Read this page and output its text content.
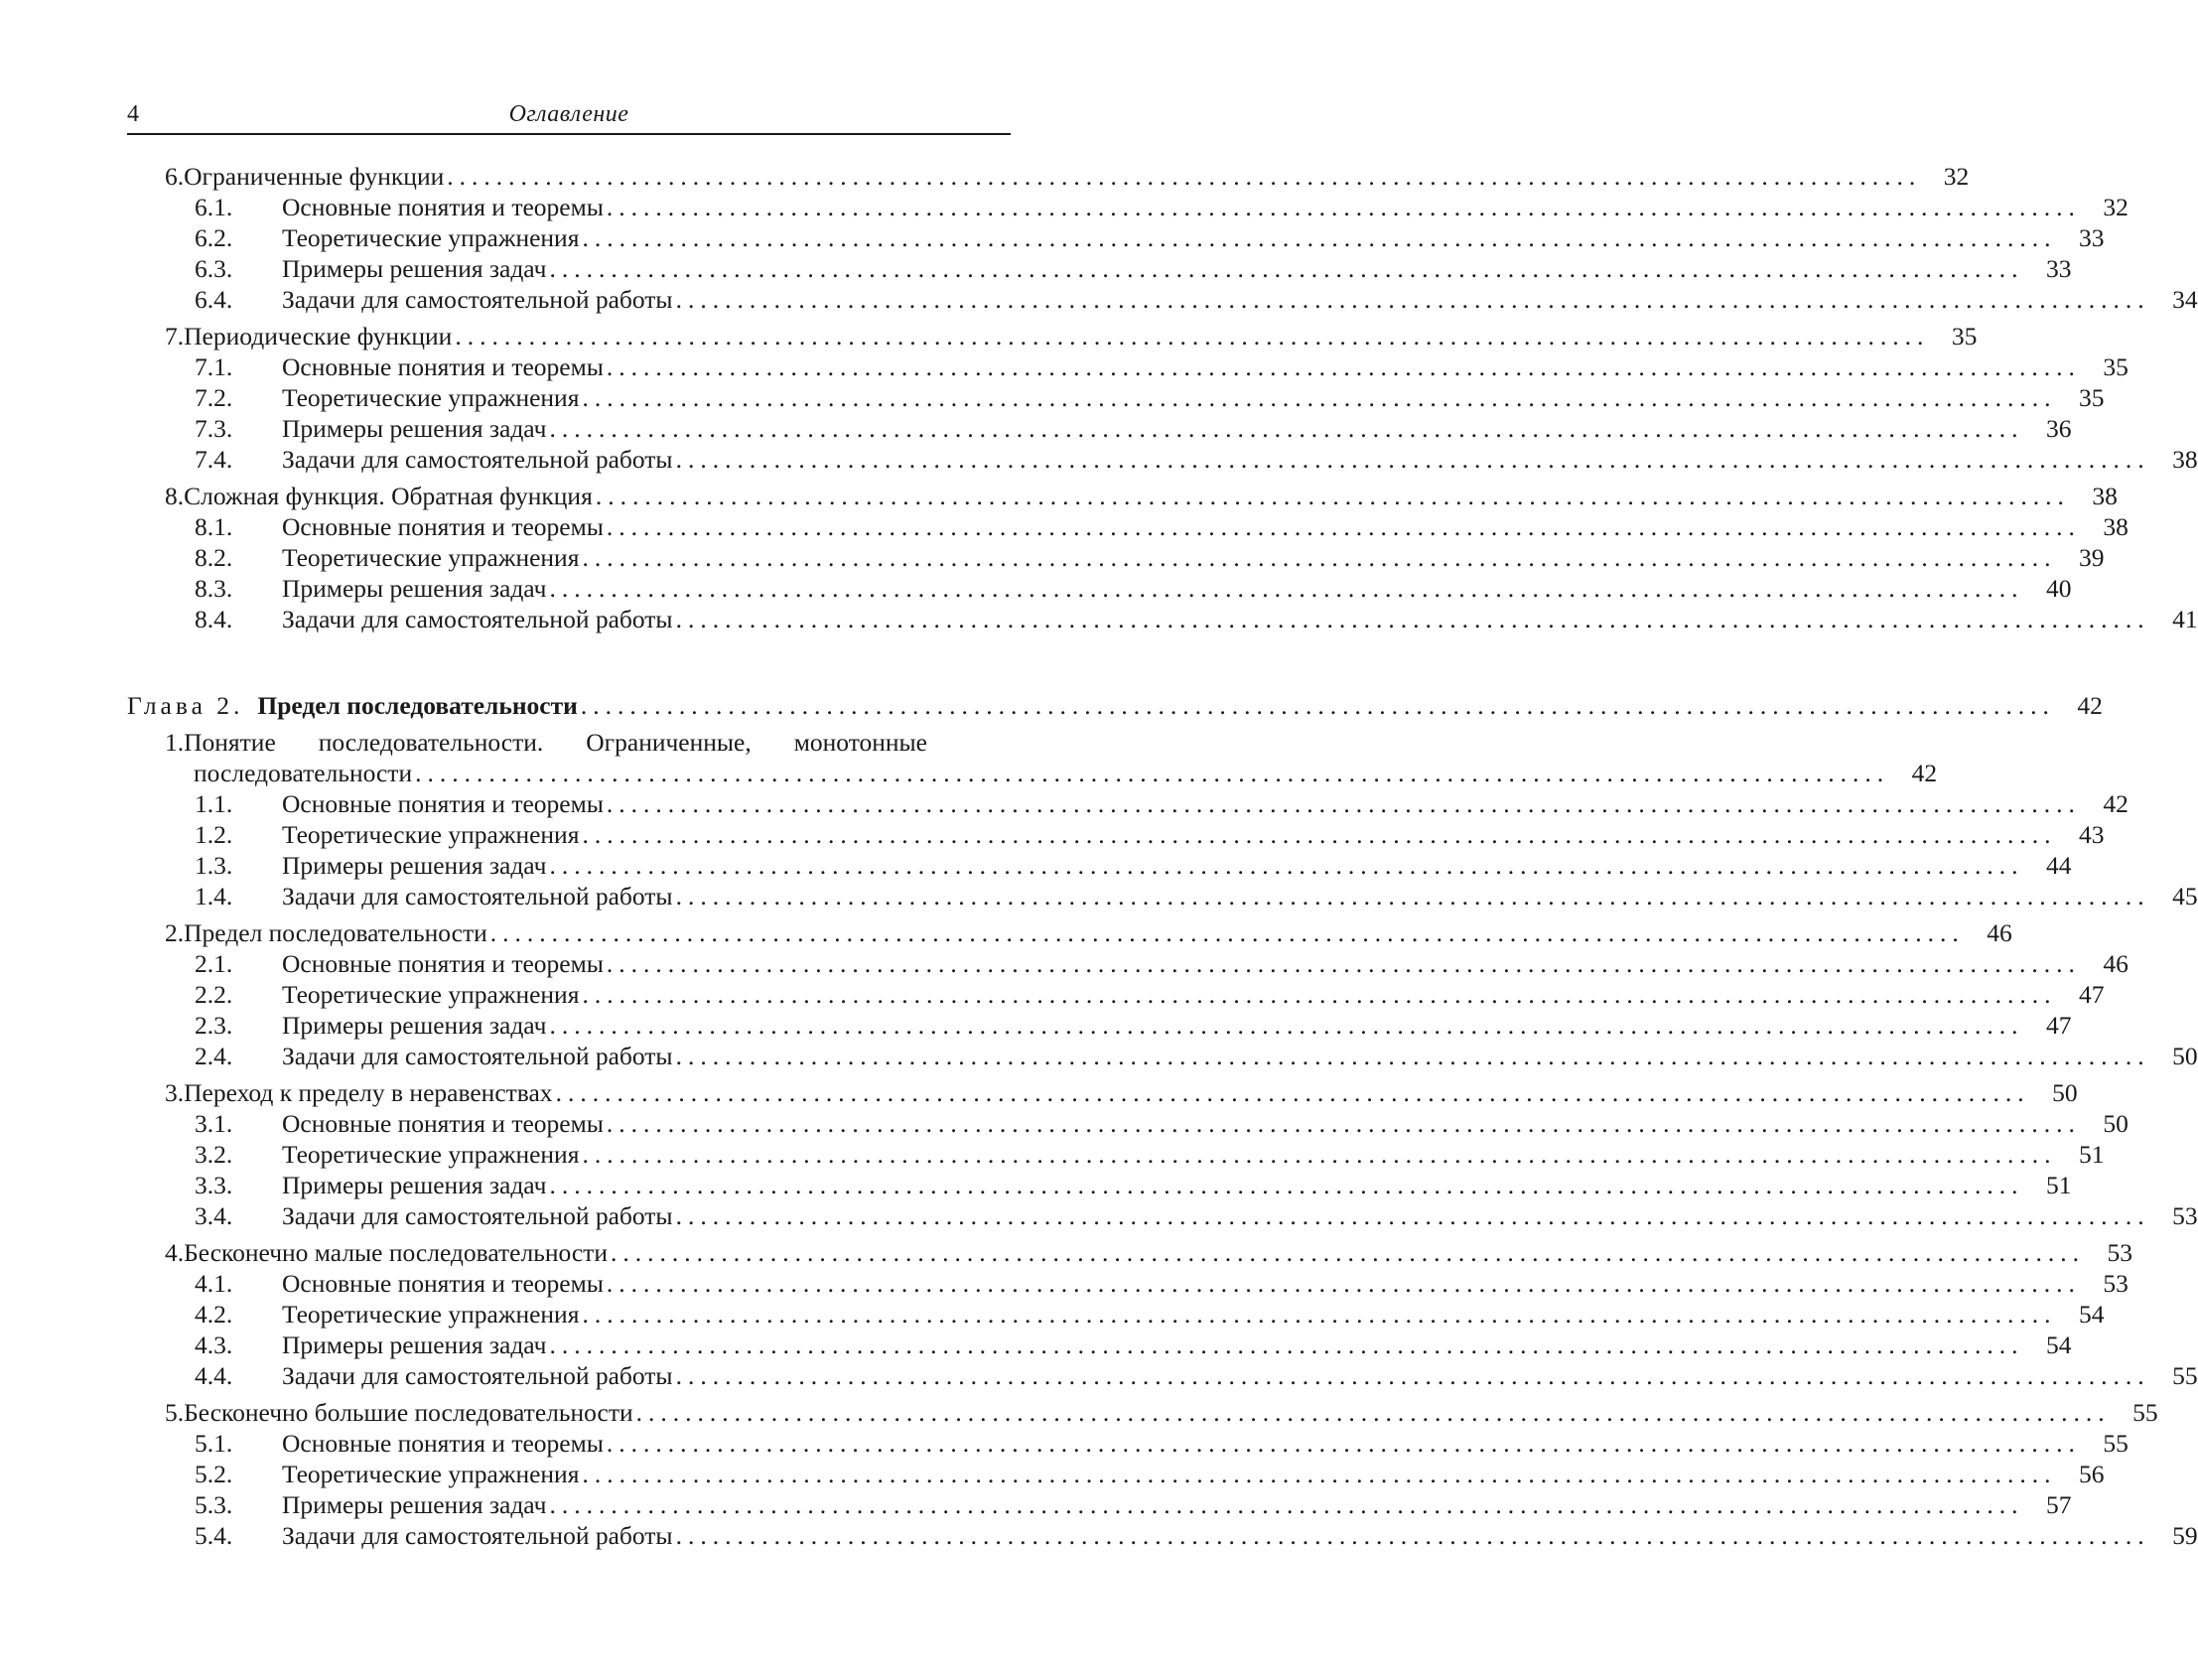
4	Оглавление
6.Ограниченные функции ........................................................................................................................ 32
6.1. Основные понятия и теоремы ........................................................................................................................ 32
6.2. Теоретические упражнения ........................................................................................................................ 33
6.3. Примеры решения задач ........................................................................................................................ 33
6.4. Задачи для самостоятельной работы ........................................................................................................................ 34
7.Периодические функции ........................................................................................................................ 35
7.1. Основные понятия и теоремы ........................................................................................................................ 35
7.2. Теоретические упражнения ........................................................................................................................ 35
7.3. Примеры решения задач ........................................................................................................................ 36
7.4. Задачи для самостоятельной работы ........................................................................................................................ 38
8.Сложная функция. Обратная функция ........................................................................................................................ 38
8.1. Основные понятия и теоремы ........................................................................................................................ 38
8.2. Теоретические упражнения ........................................................................................................................ 39
8.3. Примеры решения задач ........................................................................................................................ 40
8.4. Задачи для самостоятельной работы ........................................................................................................................ 41
Глава 2. Предел последовательности ........................................................................................................................ 42
1.Понятие последовательности. Ограниченные, монотонные
последовательности ........................................................................................................................ 42
1.1. Основные понятия и теоремы ........................................................................................................................ 42
1.2. Теоретические упражнения ........................................................................................................................ 43
1.3. Примеры решения задач ........................................................................................................................ 44
1.4. Задачи для самостоятельной работы ........................................................................................................................ 45
2.Предел последовательности ........................................................................................................................ 46
2.1. Основные понятия и теоремы ........................................................................................................................ 46
2.2. Теоретические упражнения ........................................................................................................................ 47
2.3. Примеры решения задач ........................................................................................................................ 47
2.4. Задачи для самостоятельной работы ........................................................................................................................ 50
3.Переход к пределу в неравенствах ........................................................................................................................ 50
3.1. Основные понятия и теоремы ........................................................................................................................ 50
3.2. Теоретические упражнения ........................................................................................................................ 51
3.3. Примеры решения задач ........................................................................................................................ 51
3.4. Задачи для самостоятельной работы ........................................................................................................................ 53
4.Бесконечно малые последовательности ........................................................................................................................ 53
4.1. Основные понятия и теоремы ........................................................................................................................ 53
4.2. Теоретические упражнения ........................................................................................................................ 54
4.3. Примеры решения задач ........................................................................................................................ 54
4.4. Задачи для самостоятельной работы ........................................................................................................................ 55
5.Бесконечно большие последовательности ........................................................................................................................ 55
5.1. Основные понятия и теоремы ........................................................................................................................ 55
5.2. Теоретические упражнения ........................................................................................................................ 56
5.3. Примеры решения задач ........................................................................................................................ 57
5.4. Задачи для самостоятельной работы ........................................................................................................................ 59
